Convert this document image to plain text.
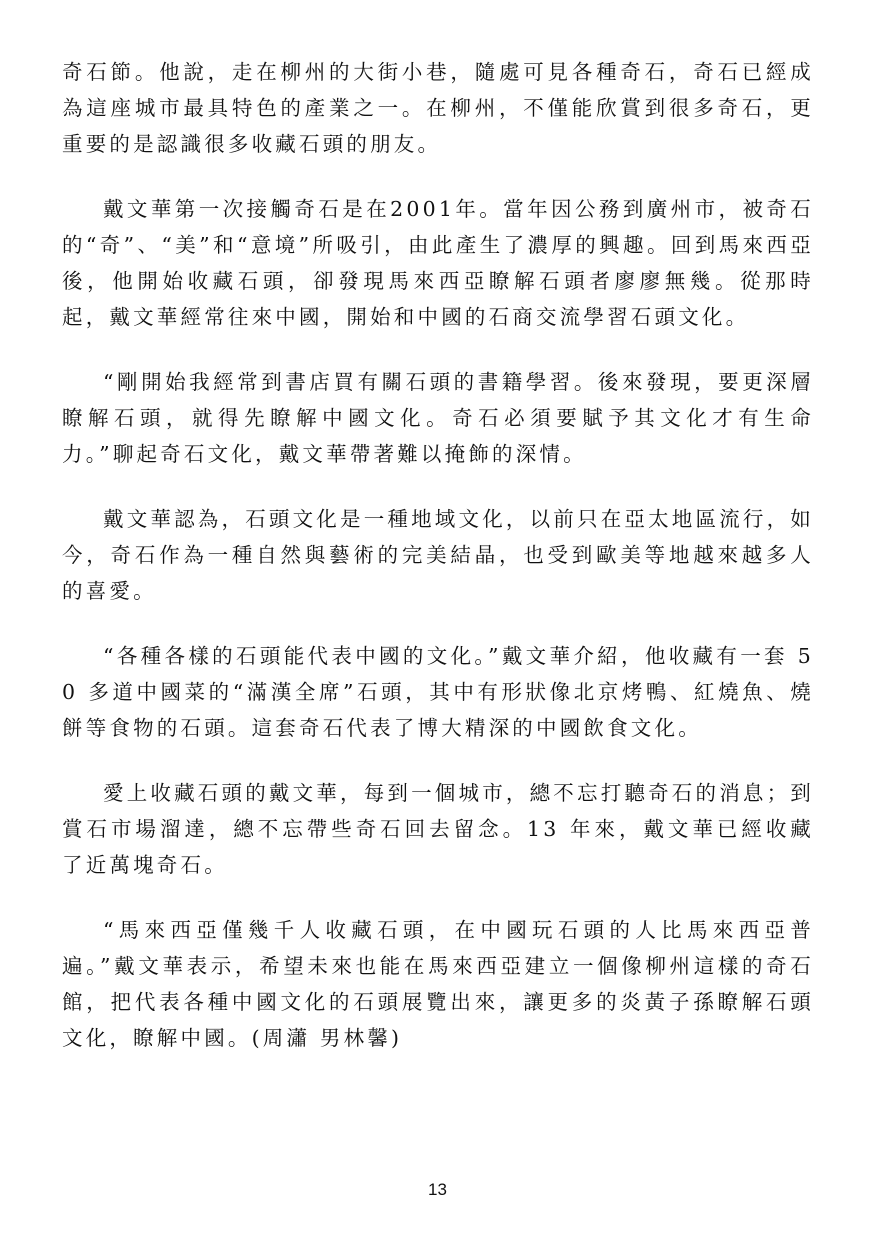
奇石節。他說，走在柳州的大街小巷，隨處可見各種奇石，奇石已經成為這座城市最具特色的產業之一。在柳州，不僅能欣賞到很多奇石，更重要的是認識很多收藏石頭的朋友。

戴文華第一次接觸奇石是在2001年。當年因公務到廣州市，被奇石的“奇”、“美”和“意境”所吸引，由此產生了濃厚的興趣。回到馬來西亞後，他開始收藏石頭，卻發現馬來西亞瞭解石頭者廖廖無幾。從那時起，戴文華經常往來中國，開始和中國的石商交流學習石頭文化。

“剛開始我經常到書店買有關石頭的書籍學習。後來發現，要更深層瞭解石頭，就得先瞭解中國文化。奇石必須要賦予其文化才有生命力。”聊起奇石文化，戴文華帶著難以掩飾的深情。

戴文華認為，石頭文化是一種地域文化，以前只在亞太地區流行，如今，奇石作為一種自然與藝術的完美結晶，也受到歐美等地越來越多人的喜愛。

“各種各樣的石頭能代表中國的文化。”戴文華介紹，他收藏有一套 50 多道中國菜的“滿漢全席”石頭，其中有形狀像北京烤鴨、紅燒魚、燒餅等食物的石頭。這套奇石代表了博大精深的中國飲食文化。

愛上收藏石頭的戴文華，每到一個城市，總不忘打聽奇石的消息；到賞石市場溜達，總不忘帶些奇石回去留念。13 年來，戴文華已經收藏了近萬塊奇石。

“馬來西亞僅幾千人收藏石頭，在中國玩石頭的人比馬來西亞普遍。”戴文華表示，希望未來也能在馬來西亞建立一個像柳州這樣的奇石館，把代表各種中國文化的石頭展覽出來，讓更多的炎黃子孫瞭解石頭文化，瞭解中國。(周瀟 男林馨)

13
